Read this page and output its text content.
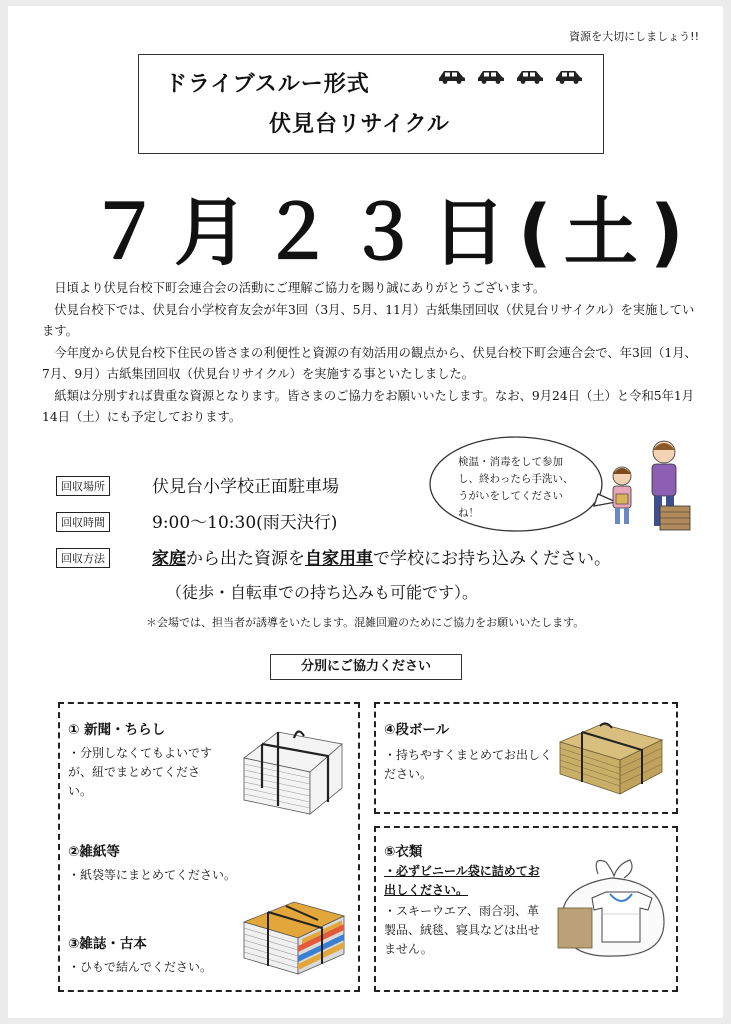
資源を大切にしましょう!!
ドライブスルー形式

伏見台リサイクル
７月２３日(土)

日頃より伏見台校下町会連合会の活動にご理解ご協力を賜り誠にありがとうございます。

伏見台校下では、伏見台小学校育友会が年3回（3月、5月、11月）古紙集団回収（伏見台リサイクル）を実施しています。

今年度から伏見台校下住民の皆さまの利便性と資源の有効活用の観点から、伏見台校下町会連合会で、年3回（1月、7月、9月）古紙集団回収（伏見台リサイクル）を実施する事といたしました。

紙類は分別すれば貴重な資源となります。皆さまのご協力をお願いいたします。なお、9月24日（土）と令和5年1月14日（土）にも予定しております。

回収場所	伏見台小学校正面駐車場
回収時間	9:00〜10:30(雨天決行)
回収方法	家庭から出た資源を自家用車で学校にお持ち込みください。
（徒歩・自転車での持ち込みも可能です）。
検温・消毒をして参加し、終わったら手洗い、うがいをしてくださいね！
＊会場では、担当者が誘導をいたします。混雑回避のためにご協力をお願いいたします。
分別にご協力ください
① 新聞・ちらし
・分別しなくてもよいですが、紐でまとめてください。
②雑紙等
・紙袋等にまとめてください。
③雑誌・古本
・ひもで結んでください。
④段ボール
・持ちやすくまとめてお出しください。
⑤衣類
・必ずビニール袋に詰めてお出しください。
・スキーウエア、雨合羽、革製品、絨毯、寝具などは出せません。
